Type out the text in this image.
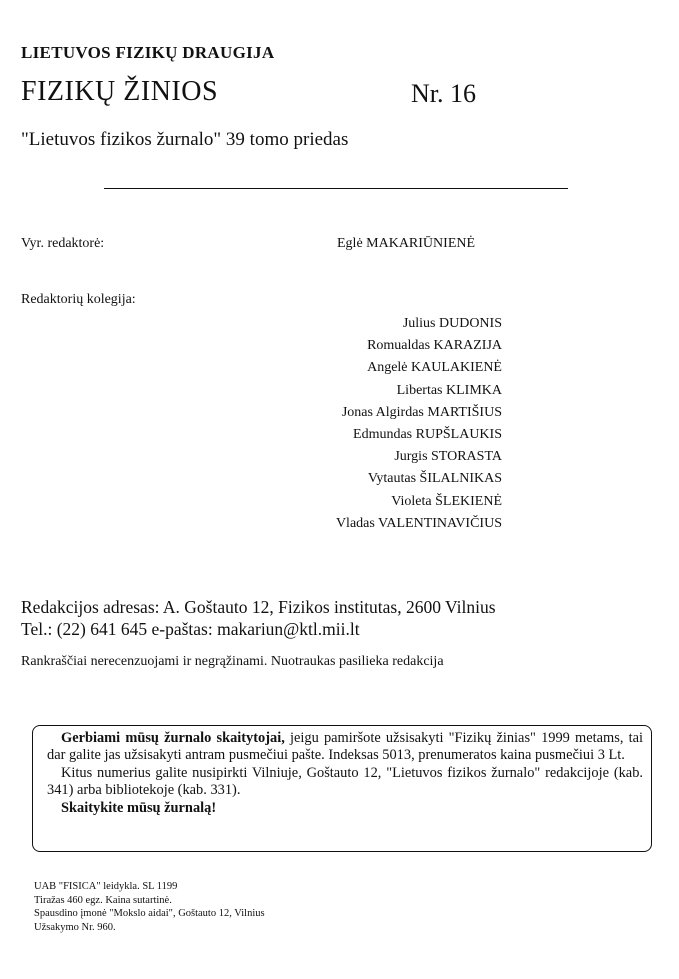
LIETUVOS FIZIKŲ DRAUGIJA
FIZIKŲ ŽINIOS	Nr. 16
"Lietuvos fizikos žurnalo" 39 tomo priedas
Vyr. redaktorė:	Eglė MAKARIŪNIENĖ
Redaktorių kolegija:
Julius DUDONIS
Romualdas KARAZIJA
Angelė KAULAKIENĖ
Libertas KLIMKA
Jonas Algirdas MARTIŠIUS
Edmundas RUPŠLAUKIS
Jurgis STORASTA
Vytautas ŠILALNIKAS
Violeta ŠLEKIENĖ
Vladas VALENTINAVIČIUS
Redakcijos adresas: A. Goštauto 12, Fizikos institutas, 2600 Vilnius
Tel.: (22) 641 645 e-paštas: makariun@ktl.mii.lt
Rankraščiai nerecenzuojami ir negrąžinami. Nuotraukas pasilieka redakcija

Gerbiami mūsų žurnalo skaitytojai, jeigu pamiršote užsisakyti "Fizikų žinias" 1999 metams, tai dar galite jas užsisakyti antram pusmečiui pašte. Indeksas 5013, prenumeratos kaina pusmečiui 3 Lt.

Kitus numerius galite nusipirkti Vilniuje, Goštauto 12, "Lietuvos fizikos žurnalo" redakcijoje (kab. 341) arba bibliotekoje (kab. 331).

Skaitykite mūsų žurnalą!

UAB "FISICA" leidykla. SL 1199
Tiražas 460 egz. Kaina sutartinė.
Spausdino įmonė "Mokslo aidai", Goštauto 12, Vilnius
Užsakymo Nr. 960.
